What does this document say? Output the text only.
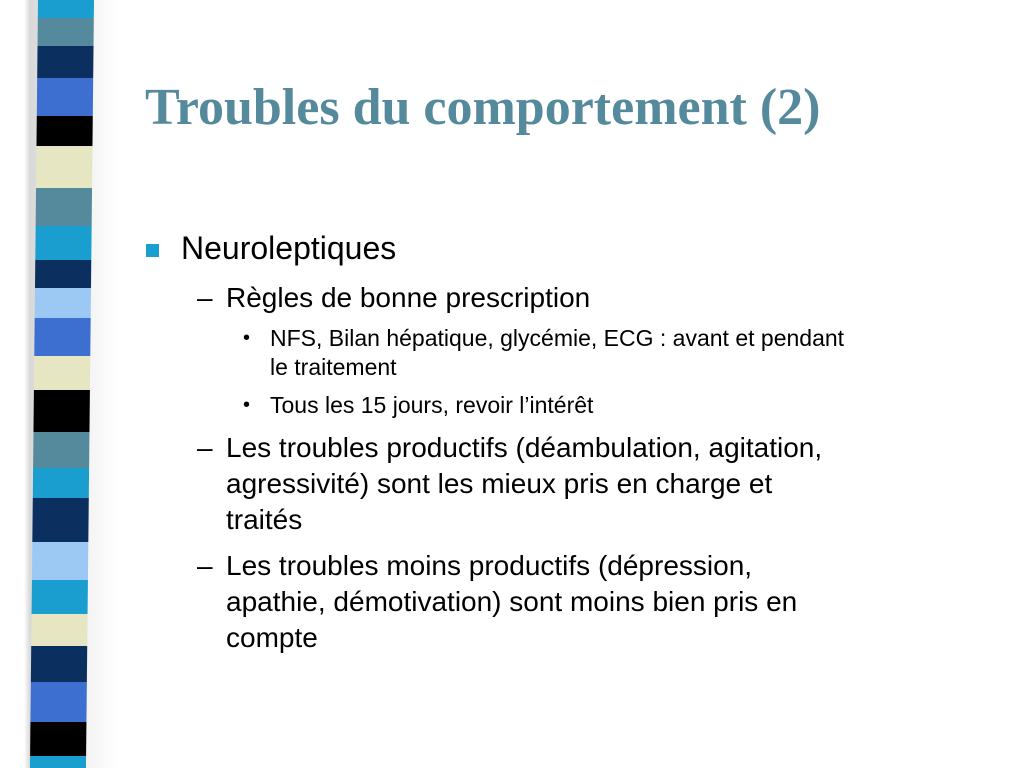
Troubles du comportement (2)
Neuroleptiques
– Règles de bonne prescription
• NFS, Bilan hépatique, glycémie, ECG : avant et pendant
le traitement
• Tous les 15 jours, revoir l’intérêt
– Les troubles productifs (déambulation, agitation,
agressivité) sont les mieux pris en charge et
traités
– Les troubles moins productifs (dépression,
apathie, démotivation) sont moins bien pris en
compte
